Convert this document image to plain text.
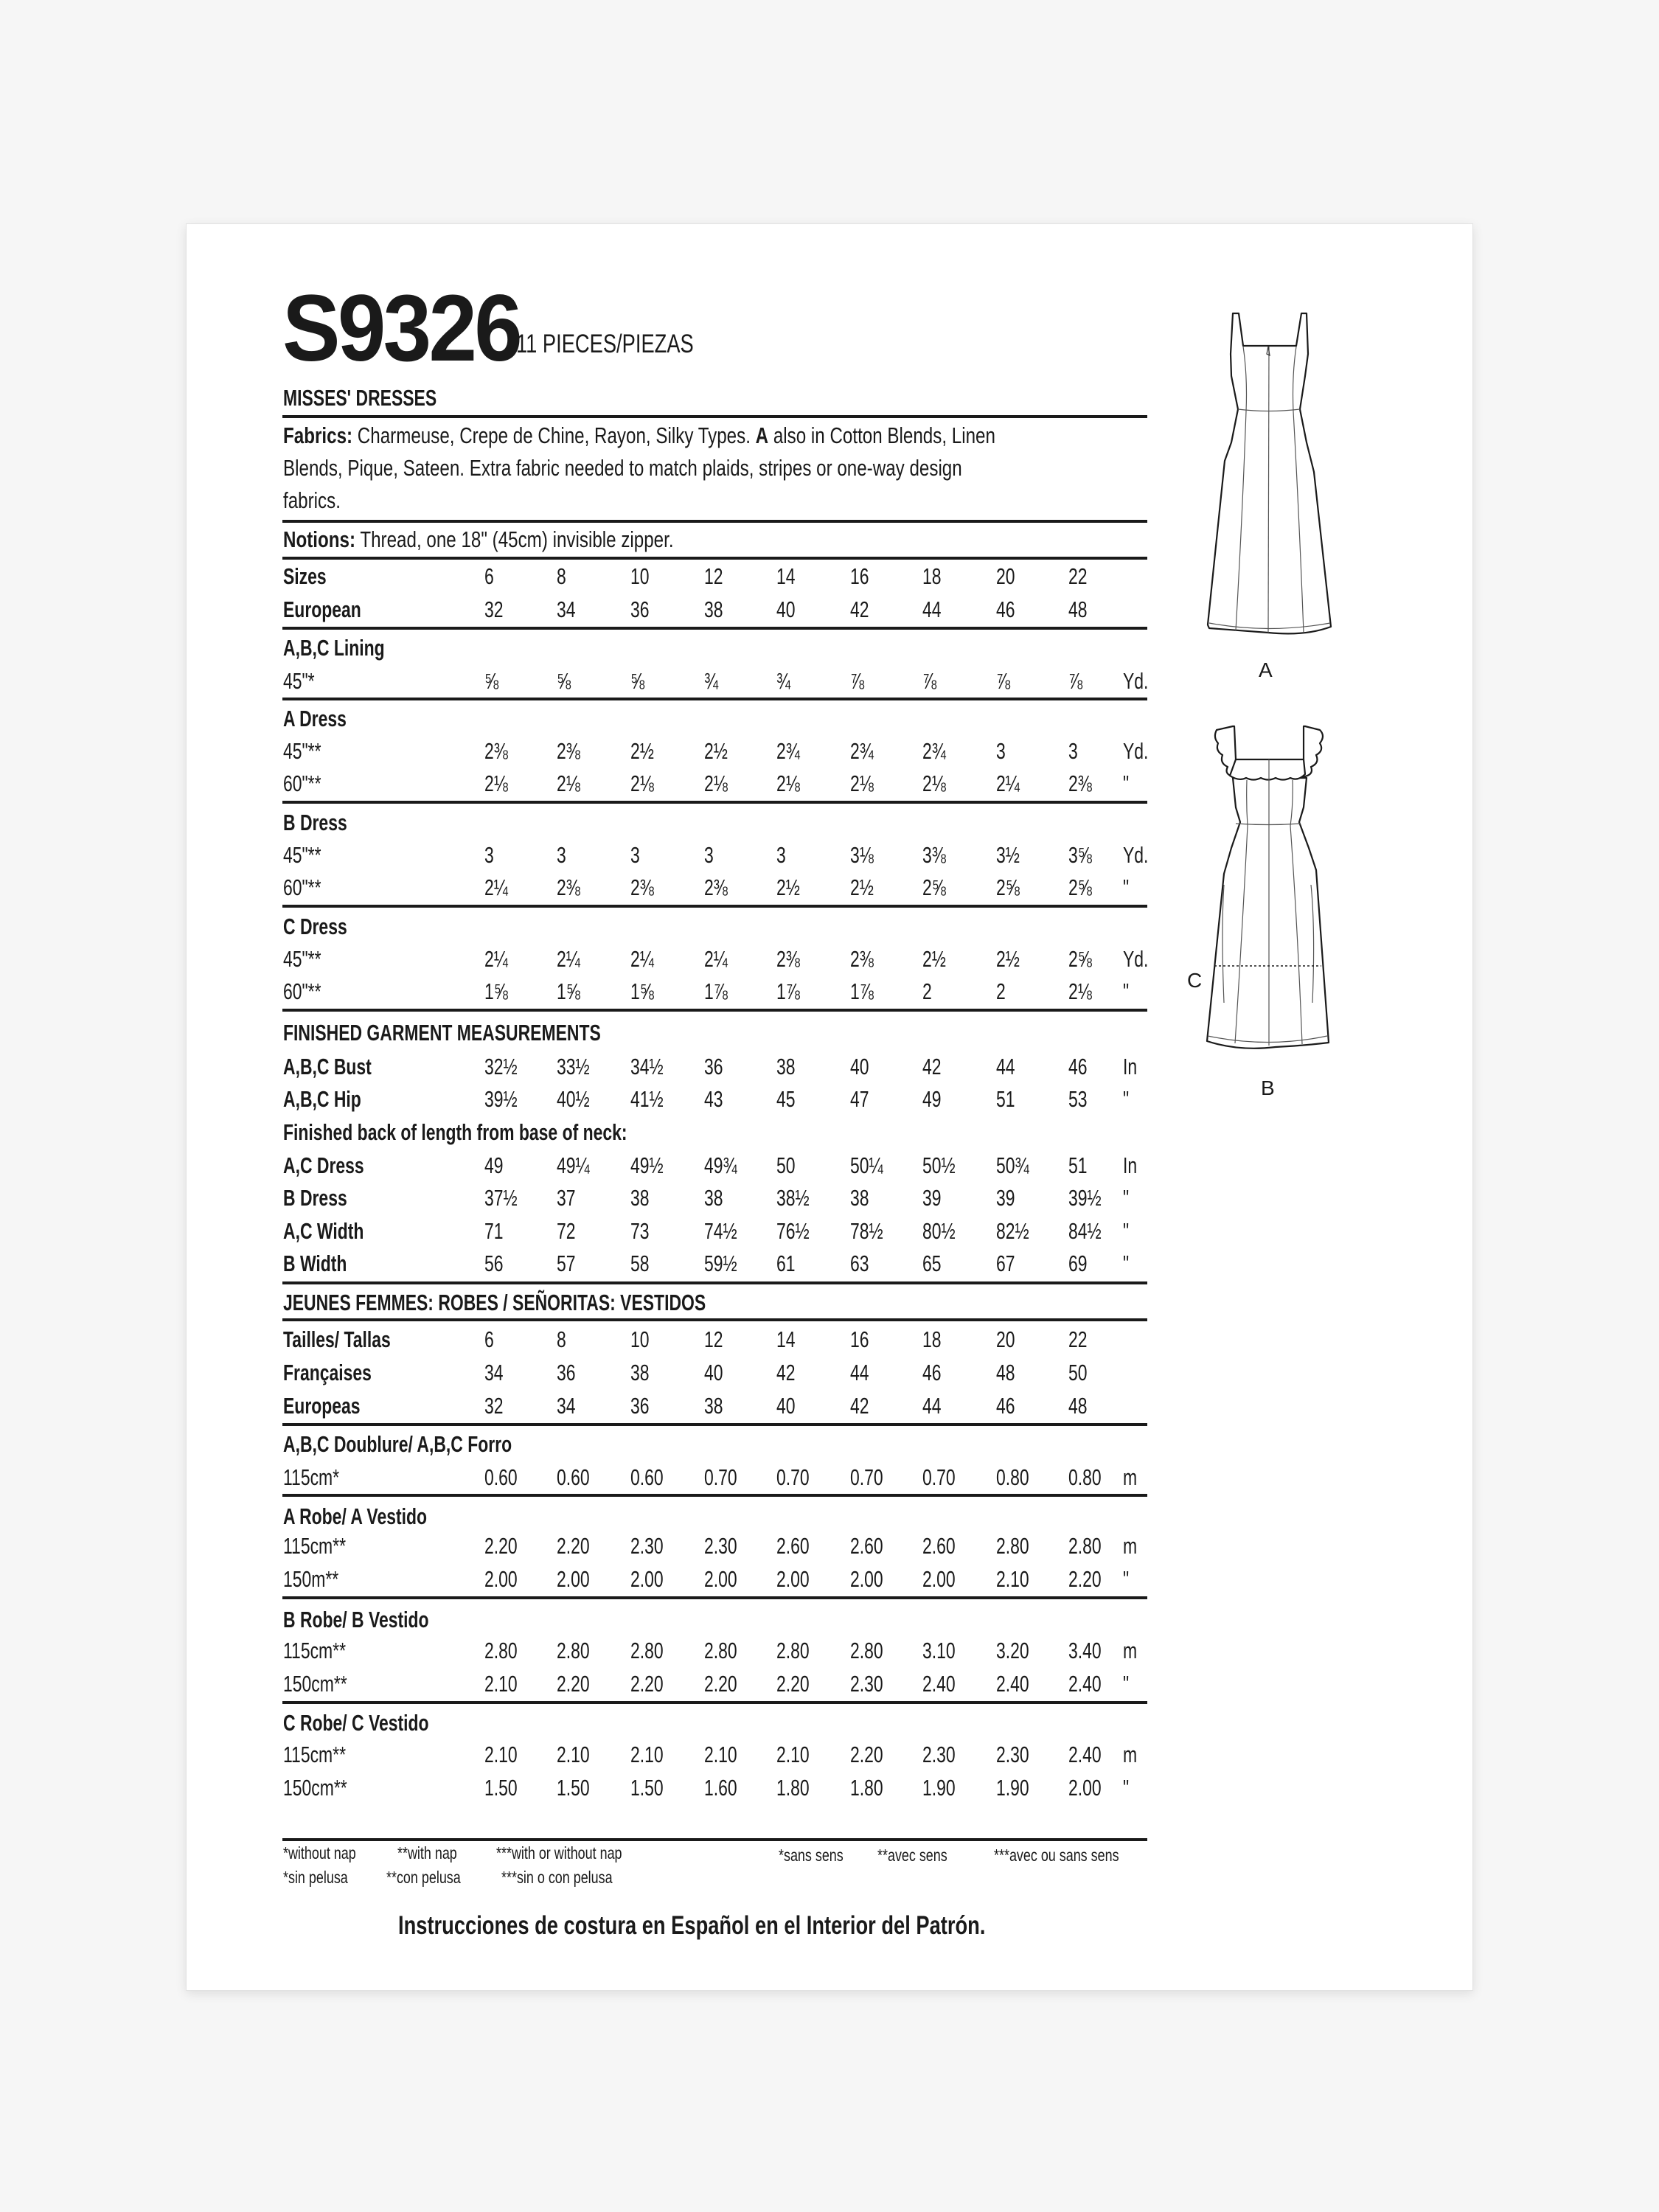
S9326
11 PIECES/PIEZAS
MISSES' DRESSES
Fabrics: Charmeuse, Crepe de Chine, Rayon, Silky Types. A also in Cotton Blends, Linen
Blends, Pique, Sateen. Extra fabric needed to match plaids, stripes or one-way design
fabrics.
Notions: Thread, one 18" (45cm) invisible zipper.
Sizes	6	8	10 12 14 16 18 20 22
European	32 34 36 38 40 42 44 46 48
A,B,C Lining
45"*	⅝	⅝	⅝	¾	¾	⅞	⅞	⅞	⅞ Yd.
A Dress
45"**	2⅜ 2⅜ 2½ 2½ 2¾ 2¾ 2¾ 3	3 Yd.
60"**	2⅛ 2⅛ 2⅛ 2⅛ 2⅛ 2⅛ 2⅛ 2¼ 2⅜ "
B Dress
45"**	3	3	3	3	3	3⅛ 3⅜ 3½ 3⅝ Yd.
60"**	2¼ 2⅜ 2⅜ 2⅜ 2½ 2½ 2⅝ 2⅝ 2⅝ "
C Dress
45"**	2¼ 2¼ 2¼ 2¼ 2⅜ 2⅜ 2½ 2½ 2⅝ Yd.
60"**	1⅝ 1⅝ 1⅝ 1⅞ 1⅞ 1⅞ 2	2	2⅛ "
FINISHED GARMENT MEASUREMENTS
A,B,C Bust	32½ 33½ 34½ 36 38 40 42 44 46 In
A,B,C Hip	39½ 40½ 41½ 43 45 47 49 51 53 "
Finished back of length from base of neck:
A,C Dress	49 49¼ 49½ 49¾ 50 50¼ 50½ 50¾ 51 In
B Dress	37½ 37 38 38 38½ 38 39 39 39½ "
A,C Width	71 72 73 74½ 76½ 78½ 80½ 82½ 84½ "
B Width	56 57 58 59½ 61 63 65 67 69 "
JEUNES FEMMES: ROBES / SEÑORITAS: VESTIDOS
Tailles/ Tallas	6	8	10 12 14 16 18 20 22
Françaises	34 36 38 40 42 44 46 48 50
Europeas	32 34 36 38 40 42 44 46 48
A,B,C Doublure/ A,B,C Forro
115cm*	0.60 0.60 0.60 0.70 0.70 0.70 0.70 0.80 0.80 m
A Robe/ A Vestido
115cm**	2.20 2.20 2.30 2.30 2.60 2.60 2.60 2.80 2.80 m
150m**	2.00 2.00 2.00 2.00 2.00 2.00 2.00 2.10 2.20 "
B Robe/ B Vestido
115cm**	2.80 2.80 2.80 2.80 2.80 2.80 3.10 3.20 3.40 m
150cm**	2.10 2.20 2.20 2.20 2.20 2.30 2.40 2.40 2.40 "
C Robe/ C Vestido
115cm**	2.10 2.10 2.10 2.10 2.10 2.20 2.30 2.30 2.40 m
150cm**	1.50 1.50 1.50 1.60 1.80 1.80 1.90 1.90 2.00 "
*without nap **with nap ***with or without nap
*sin pelusa **con pelusa ***sin o con pelusa
*sans sens **avec sens	***avec ou sans sens
Instrucciones de costura en Español en el Interior del Patrón.
A
C
B
